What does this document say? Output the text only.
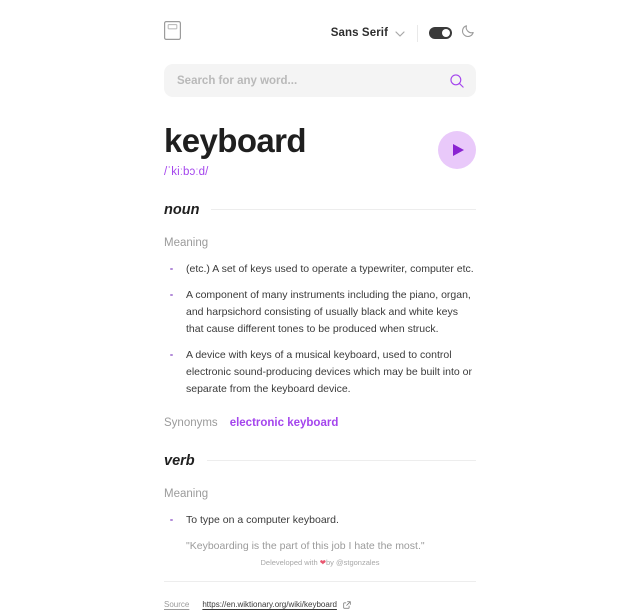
Sans Serif
Search for any word...
keyboard
/ˈkiːbɔːd/
noun
Meaning
(etc.) A set of keys used to operate a typewriter, computer etc.
A component of many instruments including the piano, organ, and harpsichord consisting of usually black and white keys that cause different tones to be produced when struck.
A device with keys of a musical keyboard, used to control electronic sound-producing devices which may be built into or separate from the keyboard device.
Synonyms electronic keyboard
verb
Meaning
To type on a computer keyboard.
"Keyboarding is the part of this job I hate the most."
Source https://en.wiktionary.org/wiki/keyboard
Deleveloped with ❤by @stgonzales
